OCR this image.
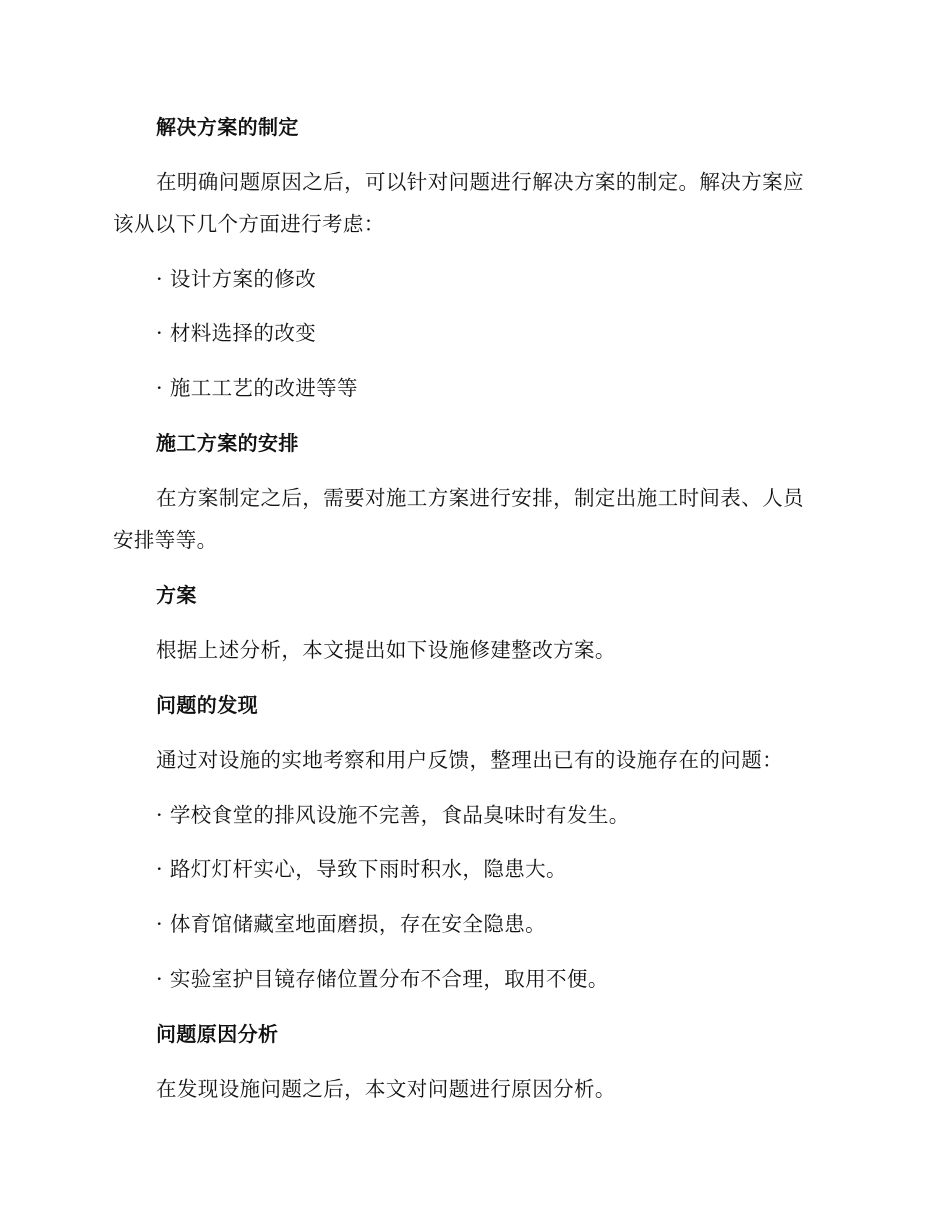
解决方案的制定
在明确问题原因之后，可以针对问题进行解决方案的制定。解决方案应
该从以下几个方面进行考虑：
· 设计方案的修改
· 材料选择的改变
· 施工工艺的改进等等
施工方案的安排
在方案制定之后，需要对施工方案进行安排，制定出施工时间表、人员
安排等等。
方案
根据上述分析，本文提出如下设施修建整改方案。
问题的发现
通过对设施的实地考察和用户反馈，整理出已有的设施存在的问题：
· 学校食堂的排风设施不完善，食品臭味时有发生。
· 路灯灯杆实心，导致下雨时积水，隐患大。
· 体育馆储藏室地面磨损，存在安全隐患。
· 实验室护目镜存储位置分布不合理，取用不便。
问题原因分析
在发现设施问题之后，本文对问题进行原因分析。
